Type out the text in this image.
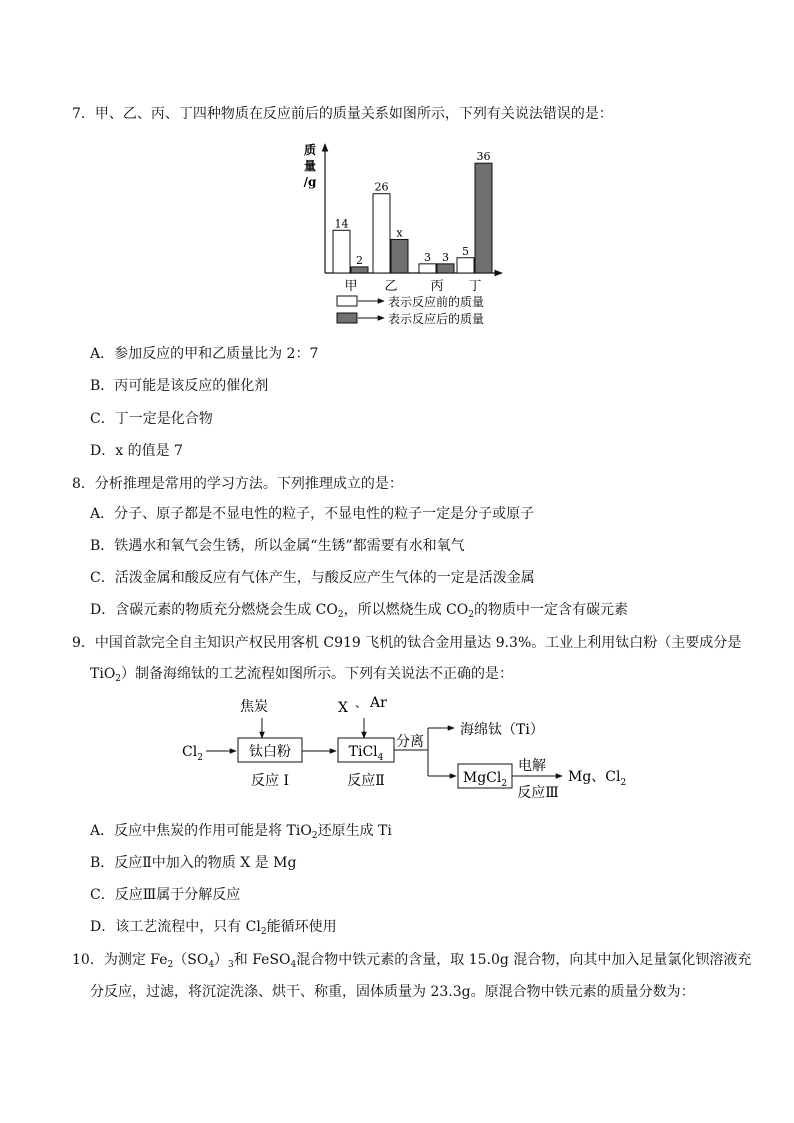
7．甲、乙、丙、丁四种物质在反应前后的质量关系如图所示，下列有关说法错误的是：
质
量
/g
14
2
甲
26
x
乙
3 3
丙
5
36
丁
表示反应前的质量
表示反应后的质量
A．参加反应的甲和乙质量比为 2：7
B．丙可能是该反应的催化剂
C．丁一定是化合物
D．x 的值是 7
8．分析推理是常用的学习方法。下列推理成立的是：
A．分子、原子都是不显电性的粒子，不显电性的粒子一定是分子或原子
B．铁遇水和氧气会生锈，所以金属“生锈”都需要有水和氧气
C．活泼金属和酸反应有气体产生，与酸反应产生气体的一定是活泼金属
D．含碳元素的物质充分燃烧会生成 $CO_2$，所以燃烧生成 $CO_2$的物质中一定含有碳元素
9．中国首款完全自主知识产权民用客机 C919 飞机的钛合金用量达 9.3%。工业上利用钛白粉（主要成分是
TiO$_2$）制备海绵钛的工艺流程如图所示。下列有关说法不正确的是：
焦炭
$Cl_2$	钛白粉
反应 I
X 、 Ar
TiCl$_4$
反应Ⅱ
分离
海绵钛（Ti）
MgCl$_2$
电解
反应Ⅲ
Mg、$Cl_2$
A．反应中焦炭的作用可能是将 TiO$_2$还原生成 Ti
B．反应Ⅱ中加入的物质 X 是 Mg
C．反应Ⅲ属于分解反应
D．该工艺流程中，只有 $Cl_2$能循环使用
10．为测定 $Fe_2(SO_4)_3$和 FeSO$_4$混合物中铁元素的含量，取 15.0g 混合物，向其中加入足量氯化钡溶液充
分反应，过滤，将沉淀洗涤、烘干、称重，固体质量为 23.3g。原混合物中铁元素的质量分数为：
